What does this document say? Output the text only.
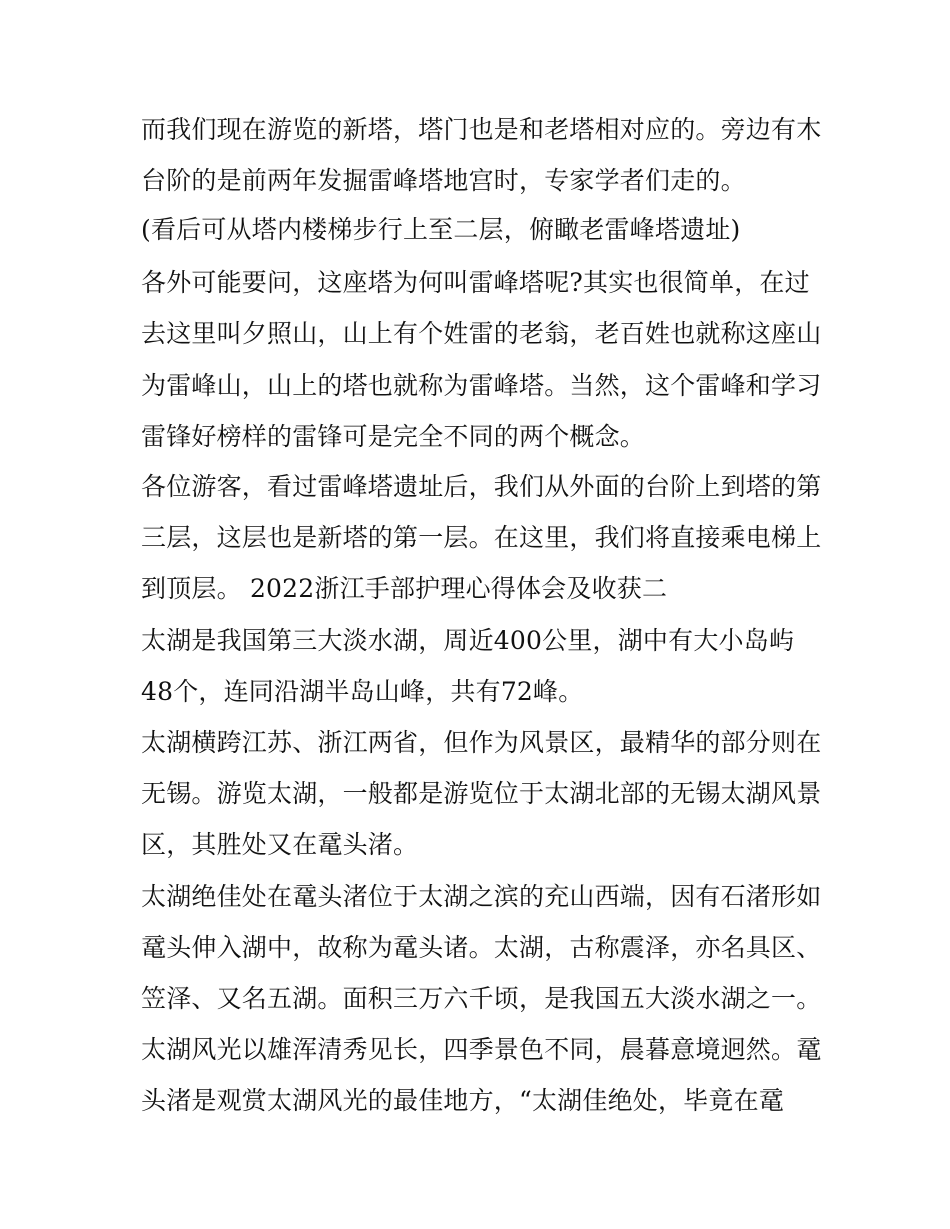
而我们现在游览的新塔，塔门也是和老塔相对应的。旁边有木
台阶的是前两年发掘雷峰塔地宫时，专家学者们走的。
(看后可从塔内楼梯步行上至二层，俯瞰老雷峰塔遗址)
各外可能要问，这座塔为何叫雷峰塔呢?其实也很简单，在过
去这里叫夕照山，山上有个姓雷的老翁，老百姓也就称这座山
为雷峰山，山上的塔也就称为雷峰塔。当然，这个雷峰和学习
雷锋好榜样的雷锋可是完全不同的两个概念。
各位游客，看过雷峰塔遗址后，我们从外面的台阶上到塔的第
三层，这层也是新塔的第一层。在这里，我们将直接乘电梯上
到顶层。 2022浙江手部护理心得体会及收获二
太湖是我国第三大淡水湖，周近400公里，湖中有大小岛屿
48个，连同沿湖半岛山峰，共有72峰。
太湖横跨江苏、浙江两省，但作为风景区，最精华的部分则在
无锡。游览太湖，一般都是游览位于太湖北部的无锡太湖风景
区，其胜处又在鼋头渚。
太湖绝佳处在鼋头渚位于太湖之滨的充山西端，因有石渚形如
鼋头伸入湖中，故称为鼋头诸。太湖，古称震泽，亦名具区、
笠泽、又名五湖。面积三万六千顷，是我国五大淡水湖之一。
太湖风光以雄浑清秀见长，四季景色不同，晨暮意境迥然。鼋
头渚是观赏太湖风光的最佳地方，“太湖佳绝处，毕竟在鼋
